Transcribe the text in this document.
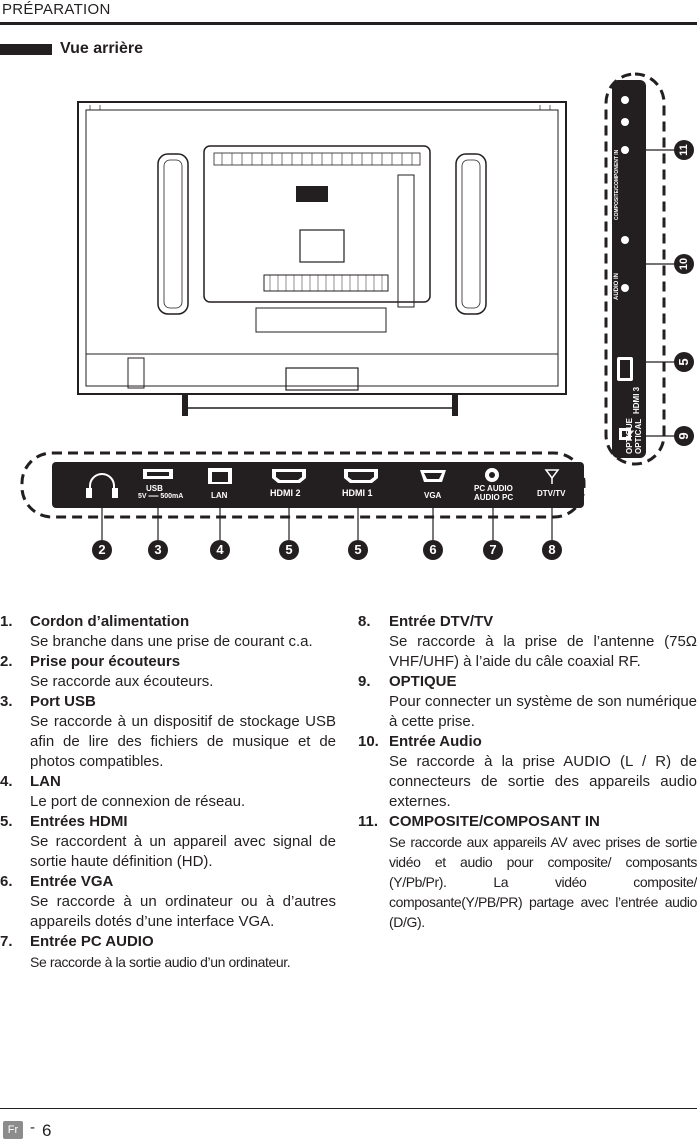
PRÉPARATION
Vue arrière
USB
5V ══ 500mA	LAN	HDMI 2	HDMI 1	VGA
PC AUDIO
AUDIO PC	DTV/TV
OPTICAL
OPTIQUE
HDMI 3
AUDIO IN
COMPOSITE/COMPONENT IN
2	3	4	5	5	6	7	8
11
10
5
9
1. Cordon d’alimentation
Se branche dans une prise de courant c.a.
2. Prise pour écouteurs
Se raccorde aux écouteurs.
3. Port USB
Se raccorde à un dispositif de stockage USB afin de lire des fichiers de musique et de photos compatibles.
4. LAN
Le port de connexion de réseau.
5. Entrées HDMI
Se raccordent à un appareil avec signal de sortie haute définition (HD).
6. Entrée VGA
Se raccorde à un ordinateur ou à d’autres appareils dotés d’une interface VGA.
7. Entrée PC AUDIO
Se raccorde à la sortie audio d’un ordinateur.
8. Entrée DTV/TV
Se raccorde à la prise de l’antenne (75Ω VHF/UHF) à l’aide du câle coaxial RF.
9. OPTIQUE
Pour connecter un système de son numérique à cette prise.
10. Entrée Audio
Se raccorde à la prise AUDIO (L / R) de connecteurs de sortie des appareils audio externes.
11. COMPOSITE/COMPOSANT IN
Se raccorde aux appareils AV avec prises de sortie vidéo et audio pour composite/ composants (Y/Pb/Pr). La vidéo composite/ composante(Y/PB/PR) partage avec l’entrée audio (D/G).
Fr - 6
